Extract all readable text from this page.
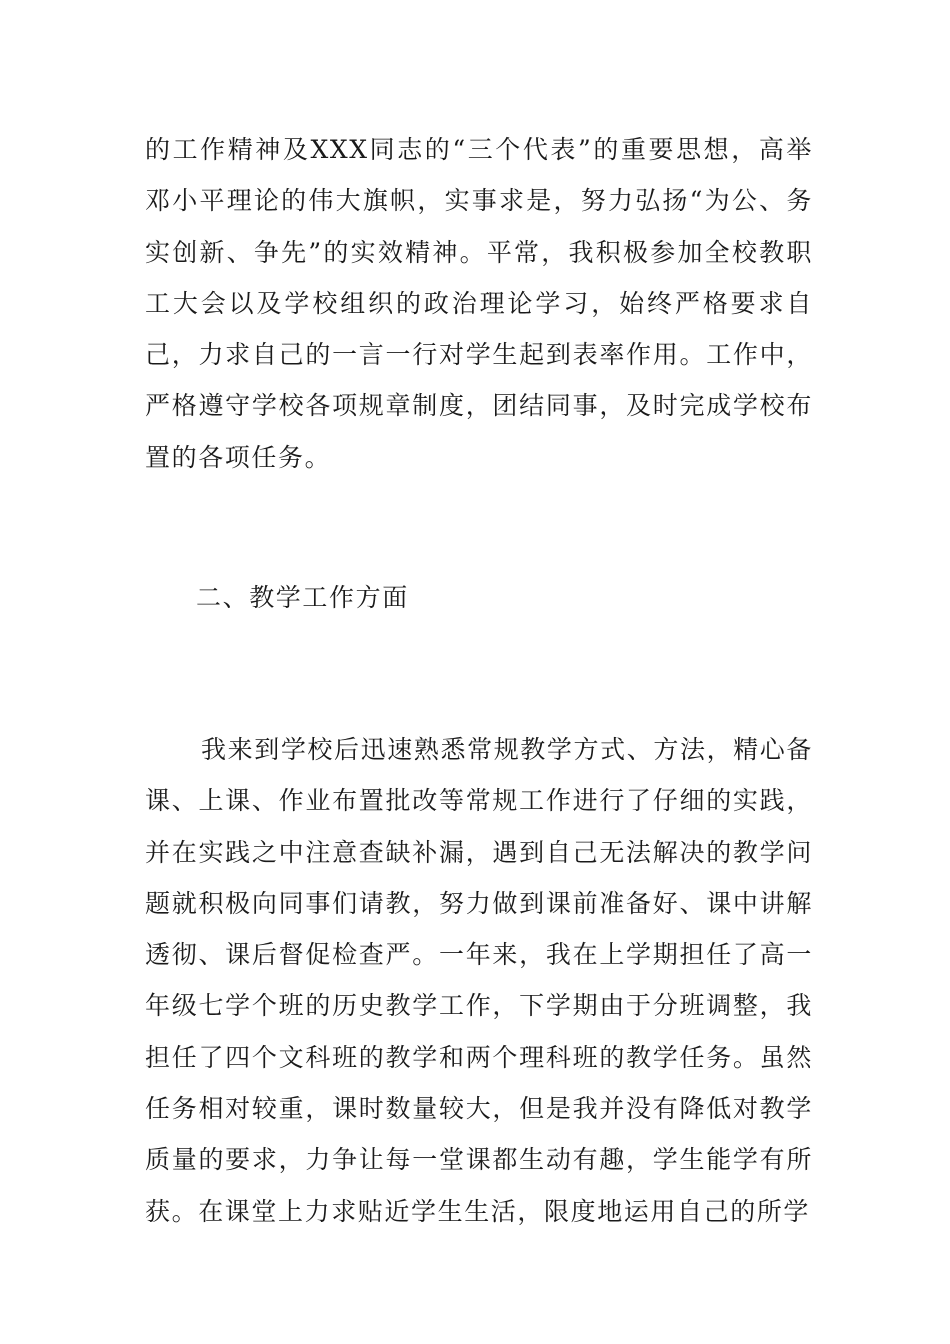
的工作精神及XXX同志的“三个代表”的重要思想，高举邓小平理论的伟大旗帜，实事求是，努力弘扬“为公、务实创新、争先”的实效精神。平常，我积极参加全校教职工大会以及学校组织的政治理论学习，始终严格要求自己，力求自己的一言一行对学生起到表率作用。工作中，严格遵守学校各项规章制度，团结同事，及时完成学校布置的各项任务。

二、教学工作方面

我来到学校后迅速熟悉常规教学方式、方法，精心备课、上课、作业布置批改等常规工作进行了仔细的实践，并在实践之中注意查缺补漏，遇到自己无法解决的教学问题就积极向同事们请教，努力做到课前准备好、课中讲解透彻、课后督促检查严。一年来，我在上学期担任了高一年级七学个班的历史教学工作，下学期由于分班调整，我担任了四个文科班的教学和两个理科班的教学任务。虽然任务相对较重，课时数量较大，但是我并没有降低对教学质量的要求，力争让每一堂课都生动有趣，学生能学有所获。在课堂上力求贴近学生生活，限度地运用自己的所学
